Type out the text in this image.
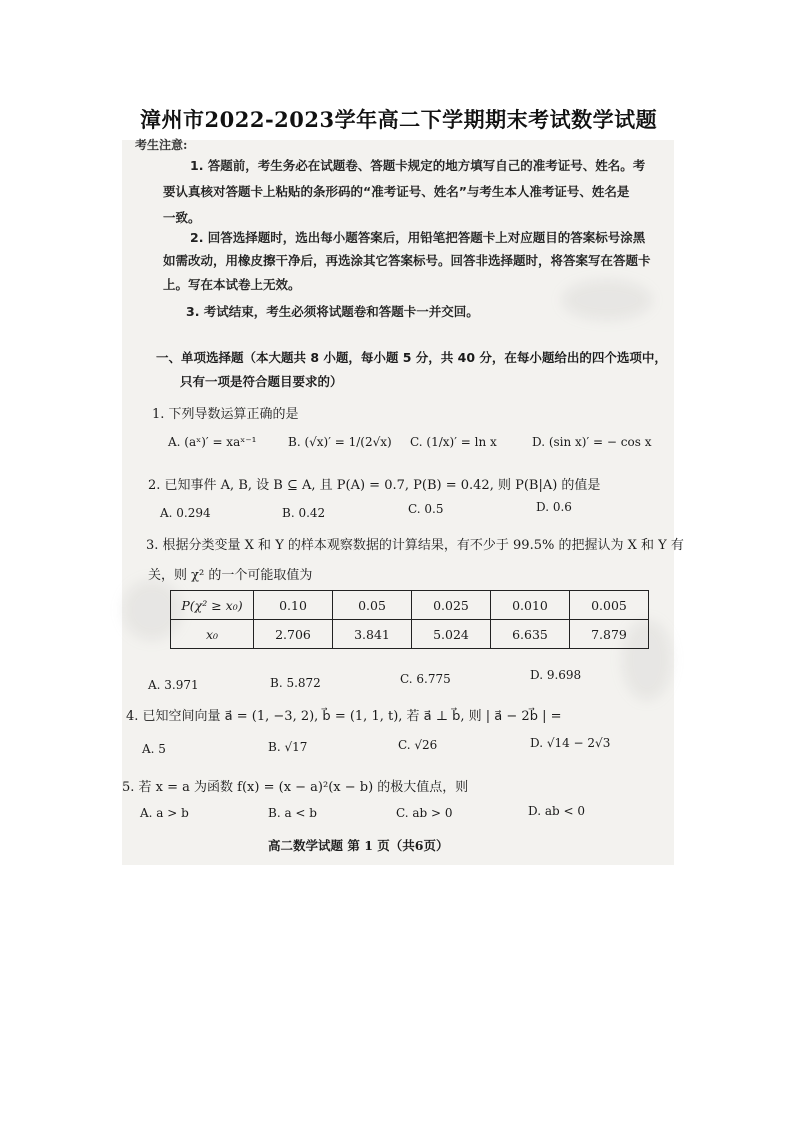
漳州市2022-2023学年高二下学期期末考试数学试题
考生注意:
1. 答题前，考生务必在试题卷、答题卡规定的地方填写自己的准考证号、姓名。考
要认真核对答题卡上粘贴的条形码的“准考证号、姓名”与考生本人准考证号、姓名是
一致。
2. 回答选择题时，选出每小题答案后，用铅笔把答题卡上对应题目的答案标号涂黑
如需改动，用橡皮擦干净后，再选涂其它答案标号。回答非选择题时，将答案写在答题卡
上。写在本试卷上无效。
3. 考试结束，考生必须将试题卷和答题卡一并交回。
一、单项选择题（本大题共 8 小题，每小题 5 分，共 40 分，在每小题给出的四个选项中，
只有一项是符合题目要求的）
1. 下列导数运算正确的是
A. (aˣ)′ = xaˣ⁻¹	B. (√x)′ = 1/(2√x) C. (1/x)′ = ln x	D. (sin x)′ = − cos x
2. 已知事件 A, B, 设 B ⊆ A, 且 P(A) = 0.7, P(B) = 0.42, 则 P(B|A) 的值是
A. 0.294	B. 0.42	C. 0.5	D. 0.6
3. 根据分类变量 X 和 Y 的样本观察数据的计算结果，有不少于 99.5% 的把握认为 X 和 Y 有
关，则 χ² 的一个可能取值为
P(χ² ≥ x₀)	0.10	0.05	0.025	0.010	0.005
x₀	2.706	3.841	5.024	6.635	7.879
A. 3.971	B. 5.872	C. 6.775	D. 9.698
4. 已知空间向量 a⃗ = (1, −3, 2), b⃗ = (1, 1, t), 若 a⃗ ⊥ b⃗, 则 | a⃗ − 2b⃗ | =
A. 5	B. √17	C. √26	D. √14 − 2√3
5. 若 x = a 为函数 f(x) = (x − a)²(x − b) 的极大值点，则
A. a > b	B. a < b	C. ab > 0	D. ab < 0
高二数学试题 第 1 页（共6页）
